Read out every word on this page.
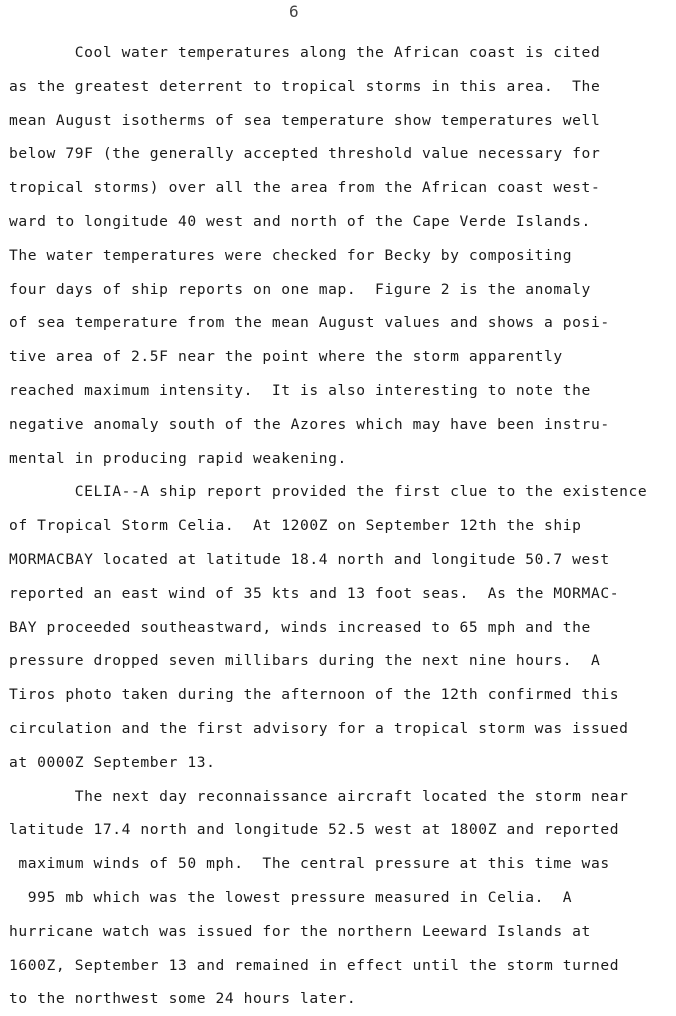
6
Cool water temperatures along the African coast is cited
as the greatest deterrent to tropical storms in this area.  The
mean August isotherms of sea temperature show temperatures well
below 79F (the generally accepted threshold value necessary for
tropical storms) over all the area from the African coast west-
ward to longitude 40 west and north of the Cape Verde Islands.
The water temperatures were checked for Becky by compositing
four days of ship reports on one map.  Figure 2 is the anomaly
of sea temperature from the mean August values and shows a posi-
tive area of 2.5F near the point where the storm apparently
reached maximum intensity.  It is also interesting to note the
negative anomaly south of the Azores which may have been instru-
mental in producing rapid weakening.
CELIA--A ship report provided the first clue to the existence
of Tropical Storm Celia.  At 1200Z on September 12th the ship
MORMACBAY located at latitude 18.4 north and longitude 50.7 west
reported an east wind of 35 kts and 13 foot seas.  As the MORMAC-
BAY proceeded southeastward, winds increased to 65 mph and the
pressure dropped seven millibars during the next nine hours.  A
Tiros photo taken during the afternoon of the 12th confirmed this
circulation and the first advisory for a tropical storm was issued
at 0000Z September 13.
The next day reconnaissance aircraft located the storm near
latitude 17.4 north and longitude 52.5 west at 1800Z and reported
maximum winds of 50 mph.  The central pressure at this time was
995 mb which was the lowest pressure measured in Celia.  A
hurricane watch was issued for the northern Leeward Islands at
1600Z, September 13 and remained in effect until the storm turned
to the northwest some 24 hours later.
